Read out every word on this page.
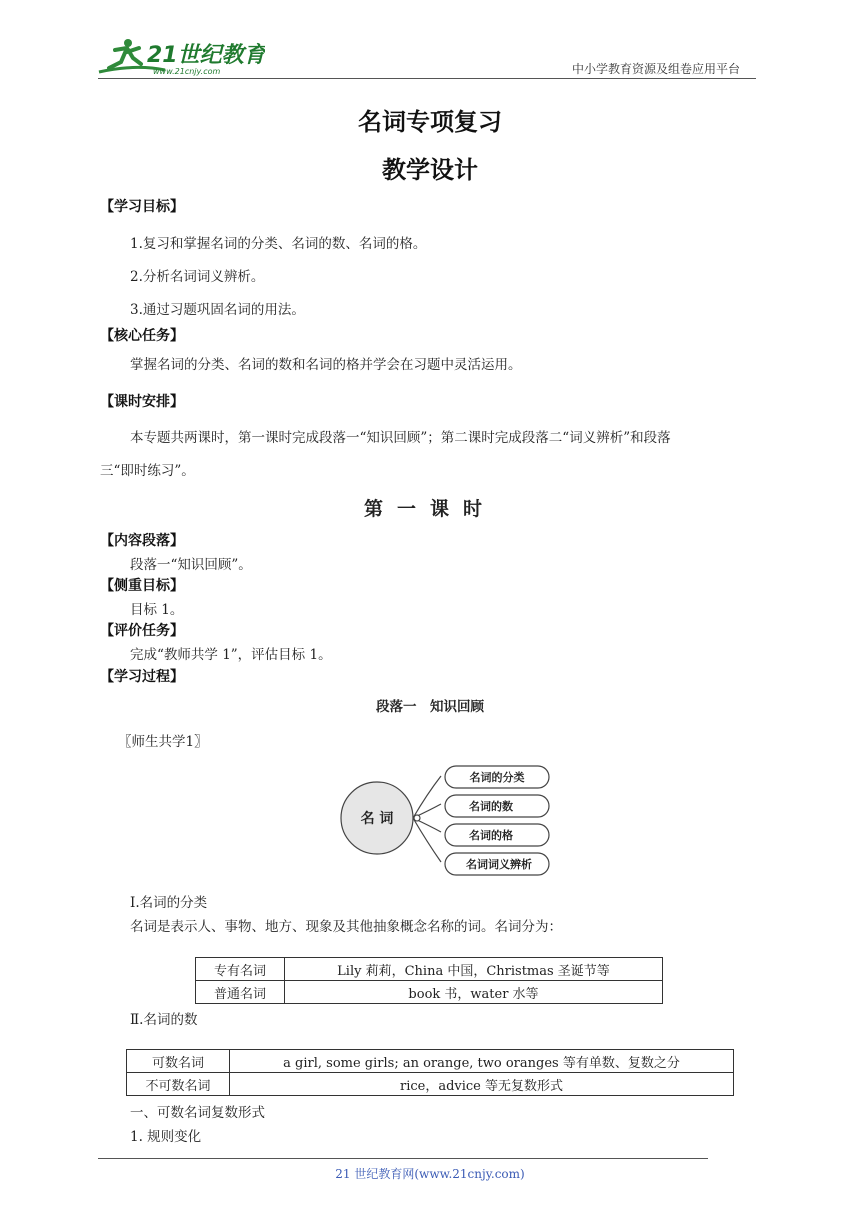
21世纪教育
www.21cnjy.com	中小学教育资源及组卷应用平台
名词专项复习
教学设计
【学习目标】
1.复习和掌握名词的分类、名词的数、名词的格。
2.分析名词词义辨析。
3.通过习题巩固名词的用法。
【核心任务】
掌握名词的分类、名词的数和名词的格并学会在习题中灵活运用。
【课时安排】
本专题共两课时，第一课时完成段落一“知识回顾”；第二课时完成段落二“词义辨析”和段落
三“即时练习”。
第一课时
【内容段落】
段落一“知识回顾”。
【侧重目标】
目标 1。
【评价任务】
完成“教师共学 1”，评估目标 1。
【学习过程】
段落一　知识回顾
〖师生共学1〗
名 词
名词的分类
名词的数
名词的格
名词词义辨析
Ⅰ.名词的分类
名词是表示人、事物、地方、现象及其他抽象概念名称的词。名词分为：
专有名词	Lily 莉莉，China 中国，Christmas 圣诞节等
普通名词	book 书，water 水等
Ⅱ.名词的数
可数名词	a girl, some girls; an orange, two oranges 等有单数、复数之分
不可数名词	rice，advice 等无复数形式
一、可数名词复数形式
1. 规则变化
21 世纪教育网(www.21cnjy.com)
